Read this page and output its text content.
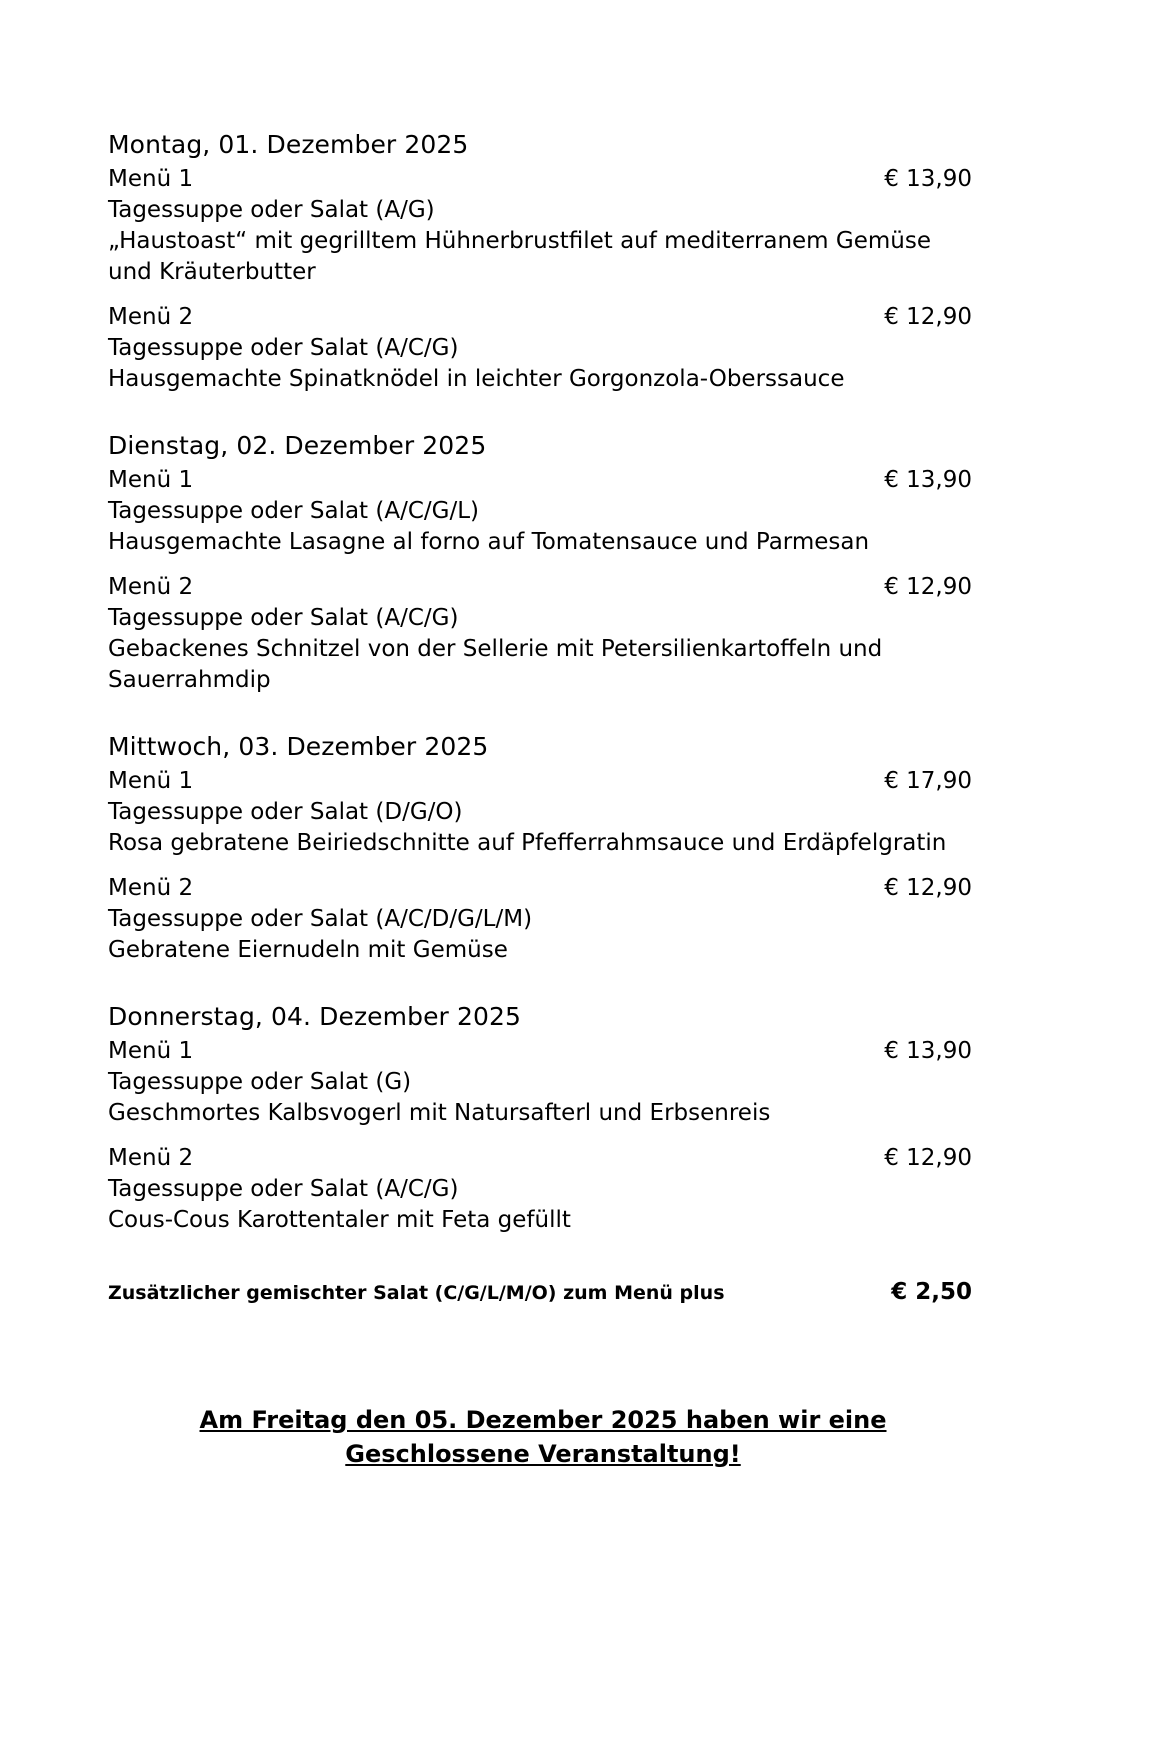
Montag, 01. Dezember 2025
Menü 1	€ 13,90
Tagessuppe oder Salat (A/G)
„Haustoast“ mit gegrilltem Hühnerbrustfilet auf mediterranem Gemüse und Kräuterbutter
Menü 2	€ 12,90
Tagessuppe oder Salat (A/C/G)
Hausgemachte Spinatknödel in leichter Gorgonzola-Oberssauce
Dienstag, 02. Dezember 2025
Menü 1	€ 13,90
Tagessuppe oder Salat (A/C/G/L)
Hausgemachte Lasagne al forno auf Tomatensauce und Parmesan
Menü 2	€ 12,90
Tagessuppe oder Salat (A/C/G)
Gebackenes Schnitzel von der Sellerie mit Petersilienkartoffeln und Sauerrahmdip
Mittwoch, 03. Dezember 2025
Menü 1	€ 17,90
Tagessuppe oder Salat (D/G/O)
Rosa gebratene Beiriedschnitte auf Pfefferrahmsauce und Erdäpfelgratin
Menü 2	€ 12,90
Tagessuppe oder Salat (A/C/D/G/L/M)
Gebratene Eiernudeln mit Gemüse
Donnerstag, 04. Dezember 2025
Menü 1	€ 13,90
Tagessuppe oder Salat (G)
Geschmortes Kalbsvogerl mit Natursafterl und Erbsenreis
Menü 2	€ 12,90
Tagessuppe oder Salat (A/C/G)
Cous-Cous Karottentaler mit Feta gefüllt
Zusätzlicher gemischter Salat (C/G/L/M/O) zum Menü plus	€ 2,50
Am Freitag den 05. Dezember 2025 haben wir eine Geschlossene Veranstaltung!
